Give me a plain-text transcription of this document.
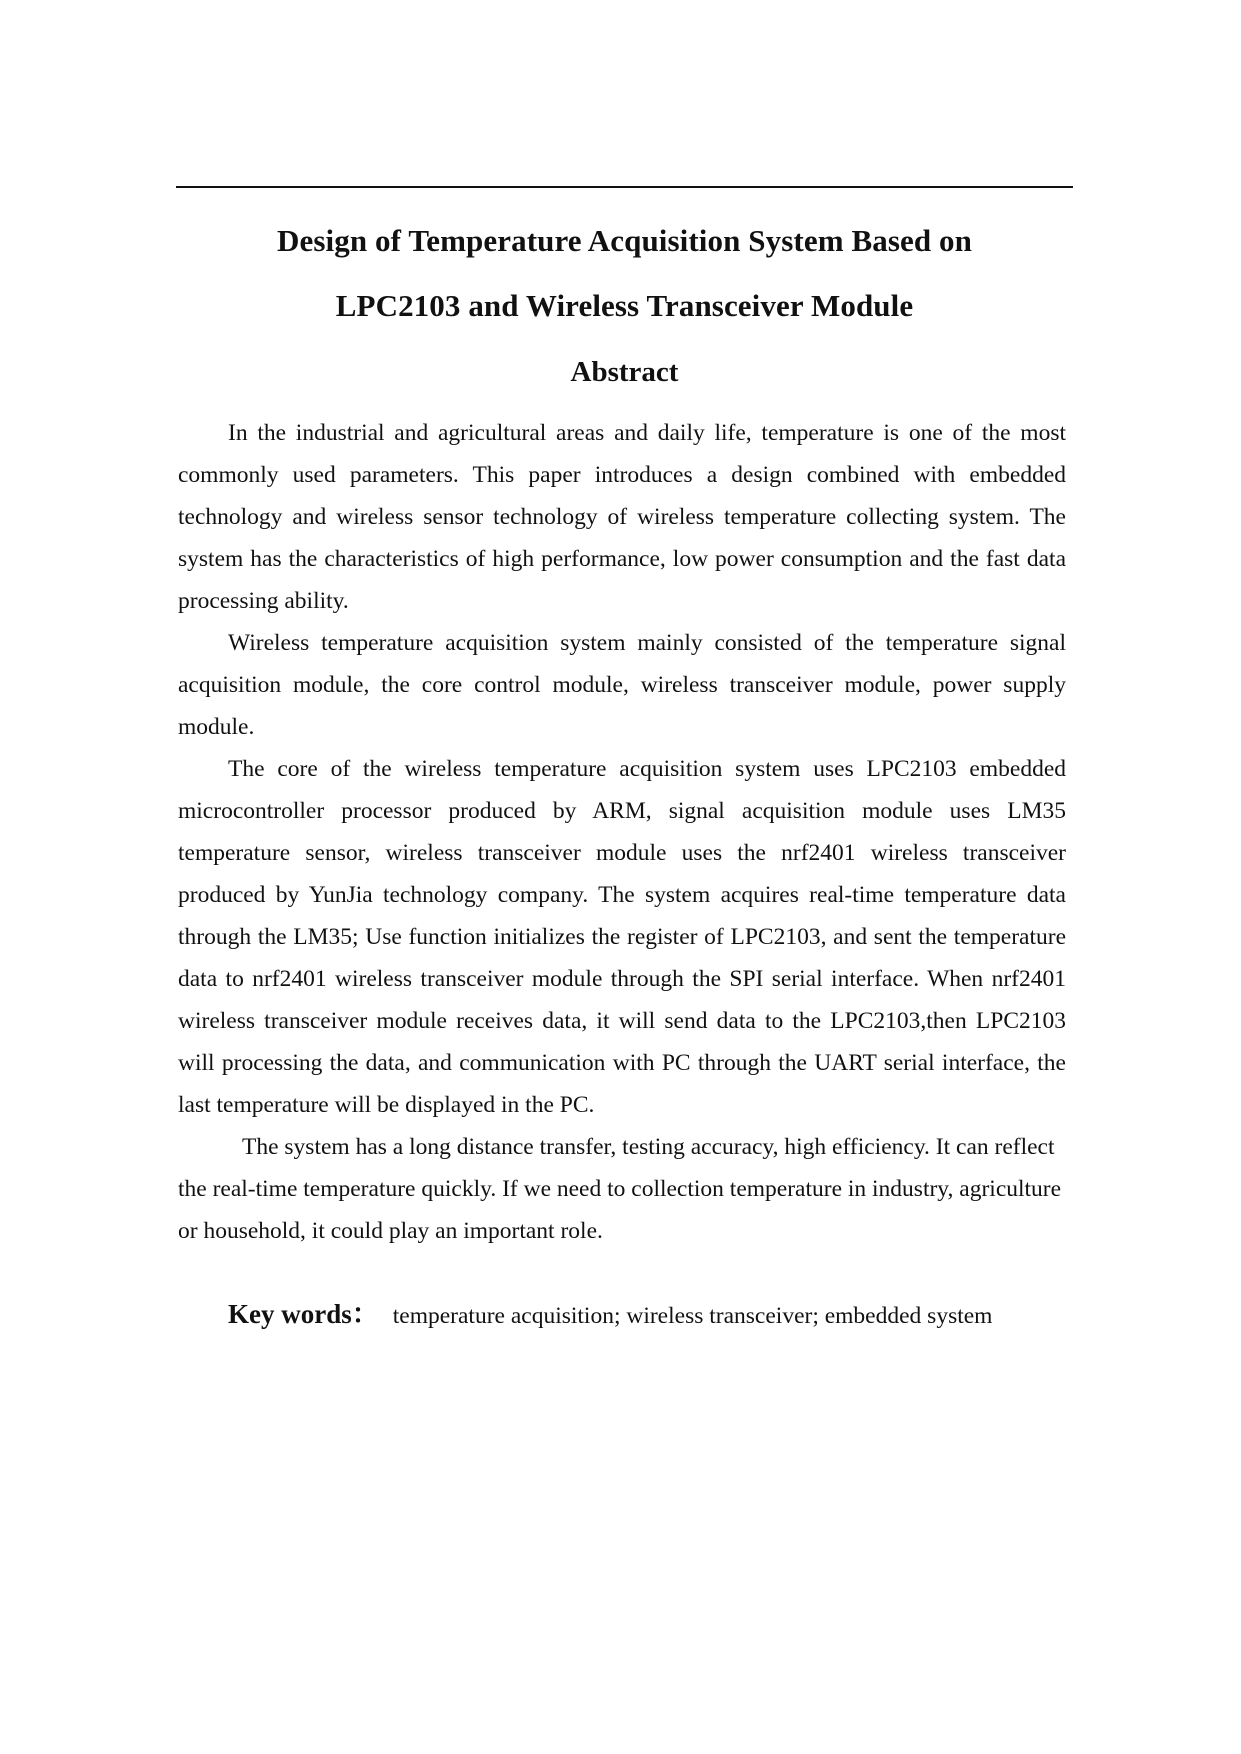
Design of Temperature Acquisition System Based on
LPC2103 and Wireless Transceiver Module
Abstract

In the industrial and agricultural areas and daily life, temperature is one of the most commonly used parameters. This paper introduces a design combined with embedded technology and wireless sensor technology of wireless temperature collecting system. The system has the characteristics of high performance, low power consumption and the fast data processing ability.

Wireless temperature acquisition system mainly consisted of the temperature signal acquisition module, the core control module, wireless transceiver module, power supply module.

The core of the wireless temperature acquisition system uses LPC2103 embedded microcontroller processor produced by ARM, signal acquisition module uses LM35 temperature sensor, wireless transceiver module uses the nrf2401 wireless transceiver produced by YunJia technology company. The system acquires real-time temperature data through the LM35; Use function initializes the register of LPC2103, and sent the temperature data to nrf2401 wireless transceiver module through the SPI serial interface. When nrf2401 wireless transceiver module receives data, it will send data to the LPC2103,then LPC2103 will processing the data, and communication with PC through the UART serial interface, the last temperature will be displayed in the PC.

The system has a long distance transfer, testing accuracy, high efficiency. It can reflect the real-time temperature quickly. If we need to collection temperature in industry, agriculture or household, it could play an important role.

Key words： temperature acquisition; wireless transceiver; embedded system
